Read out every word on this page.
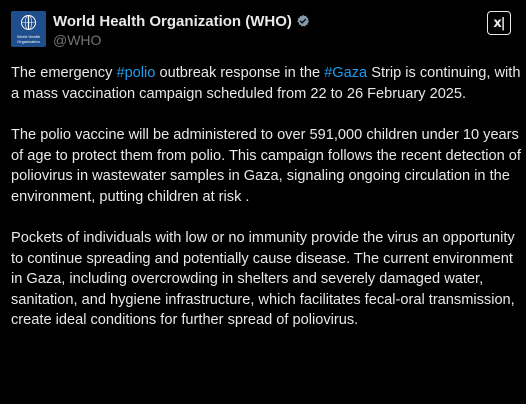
World Health
Organization
World Health Organization (WHO)
@WHO
x|

The emergency #polio outbreak response in the #Gaza Strip is continuing, with a mass vaccination campaign scheduled from 22 to 26 February 2025.

The polio vaccine will be administered to over 591,000 children under 10 years of age to protect them from polio. This campaign follows the recent detection of poliovirus in wastewater samples in Gaza, signaling ongoing circulation in the environment, putting children at risk .

Pockets of individuals with low or no immunity provide the virus an opportunity to continue spreading and potentially cause disease. The current environment in Gaza, including overcrowding in shelters and severely damaged water, sanitation, and hygiene infrastructure, which facilitates fecal-oral transmission, create ideal conditions for further spread of poliovirus.
